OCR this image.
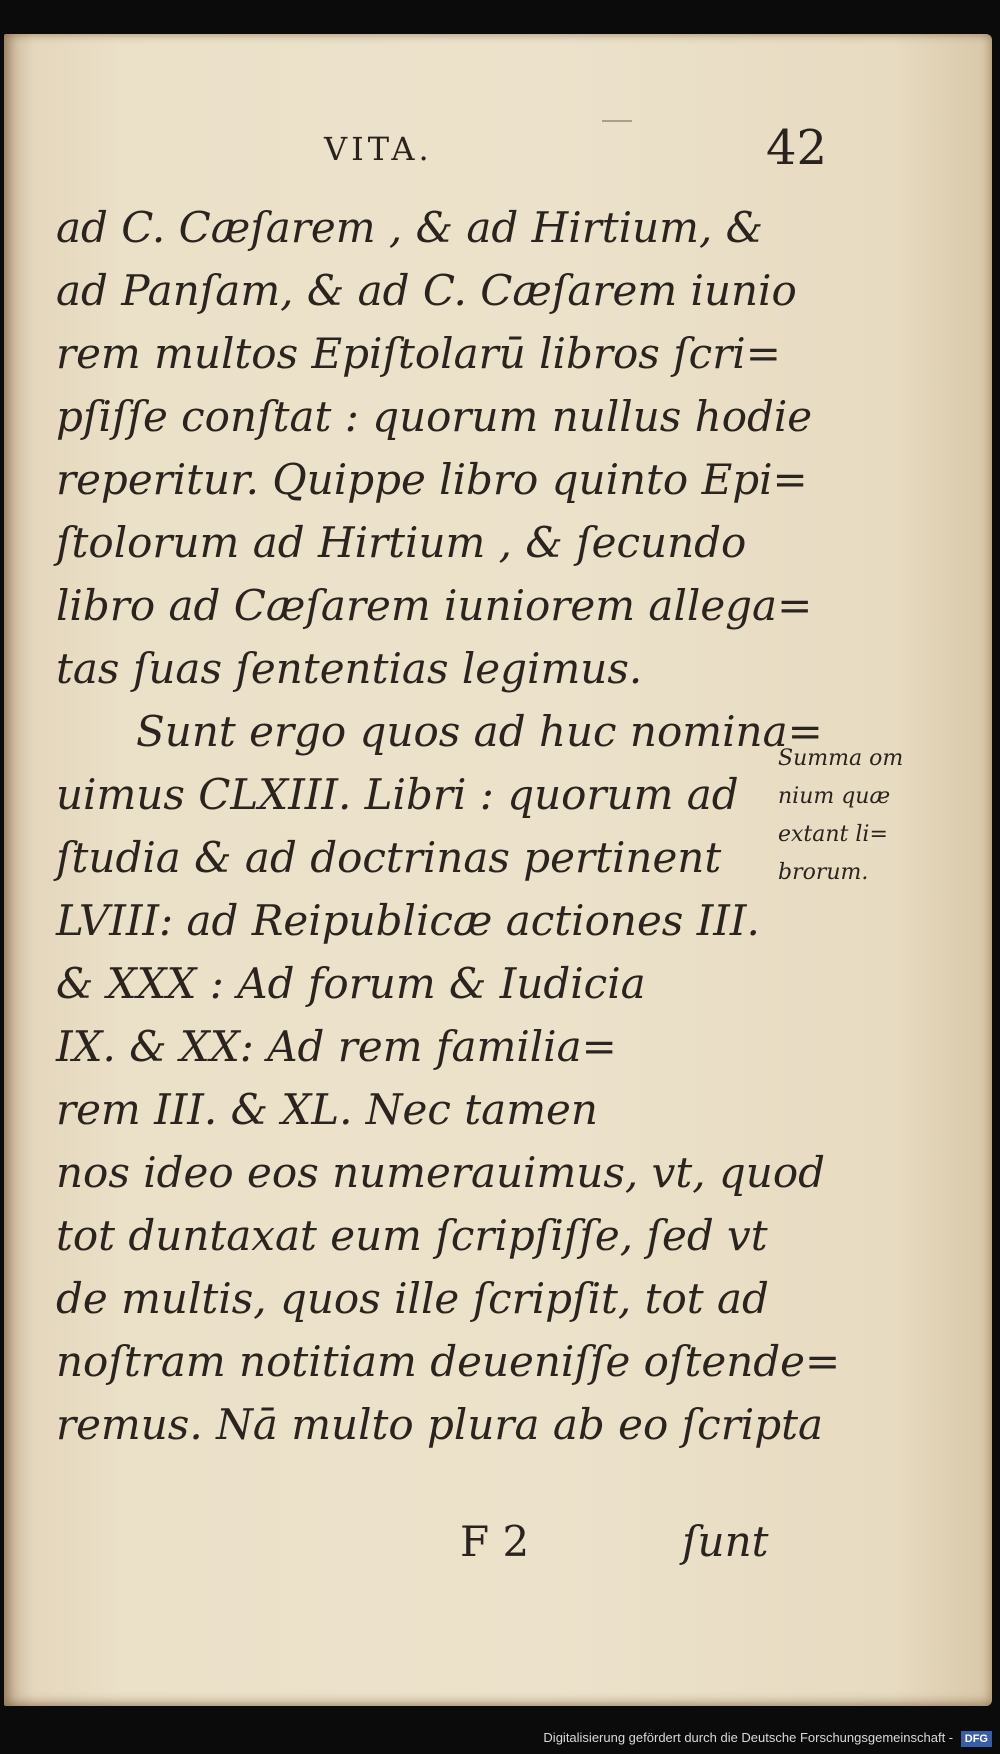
VITA.	42
ad C. Cæſarem , & ad Hirtium, &
ad Panſam, & ad C. Cæſarem iunio
rem multos Epiſtolarū libros ſcri=
pſiſſe conſtat : quorum nullus hodie
reperitur. Quippe libro quinto Epi=
ſtolorum ad Hirtium , & ſecundo
libro ad Cæſarem iuniorem allega=
tas ſuas ſententias legimus.
Sunt ergo quos ad huc nomina=
uimus CLXIII. Libri : quorum ad
ſtudia & ad doctrinas pertinent
LVIII: ad Reipublicæ actiones III.
& XXX : Ad forum & Iudicia
IX. & XX: Ad rem familia=
rem III. & XL. Nec tamen
nos ideo eos numerauimus, vt, quod
tot duntaxat eum ſcripſiſſe, ſed vt
de multis, quos ille ſcripſit, tot ad
noſtram notitiam deueniſſe oſtende=
remus. Nā multo plura ab eo ſcripta
F 2	ſunt
Summa om
nium quæ
extant li=
brorum.
Digitalisierung gefördert durch die Deutsche Forschungsgemeinschaft - DFG
